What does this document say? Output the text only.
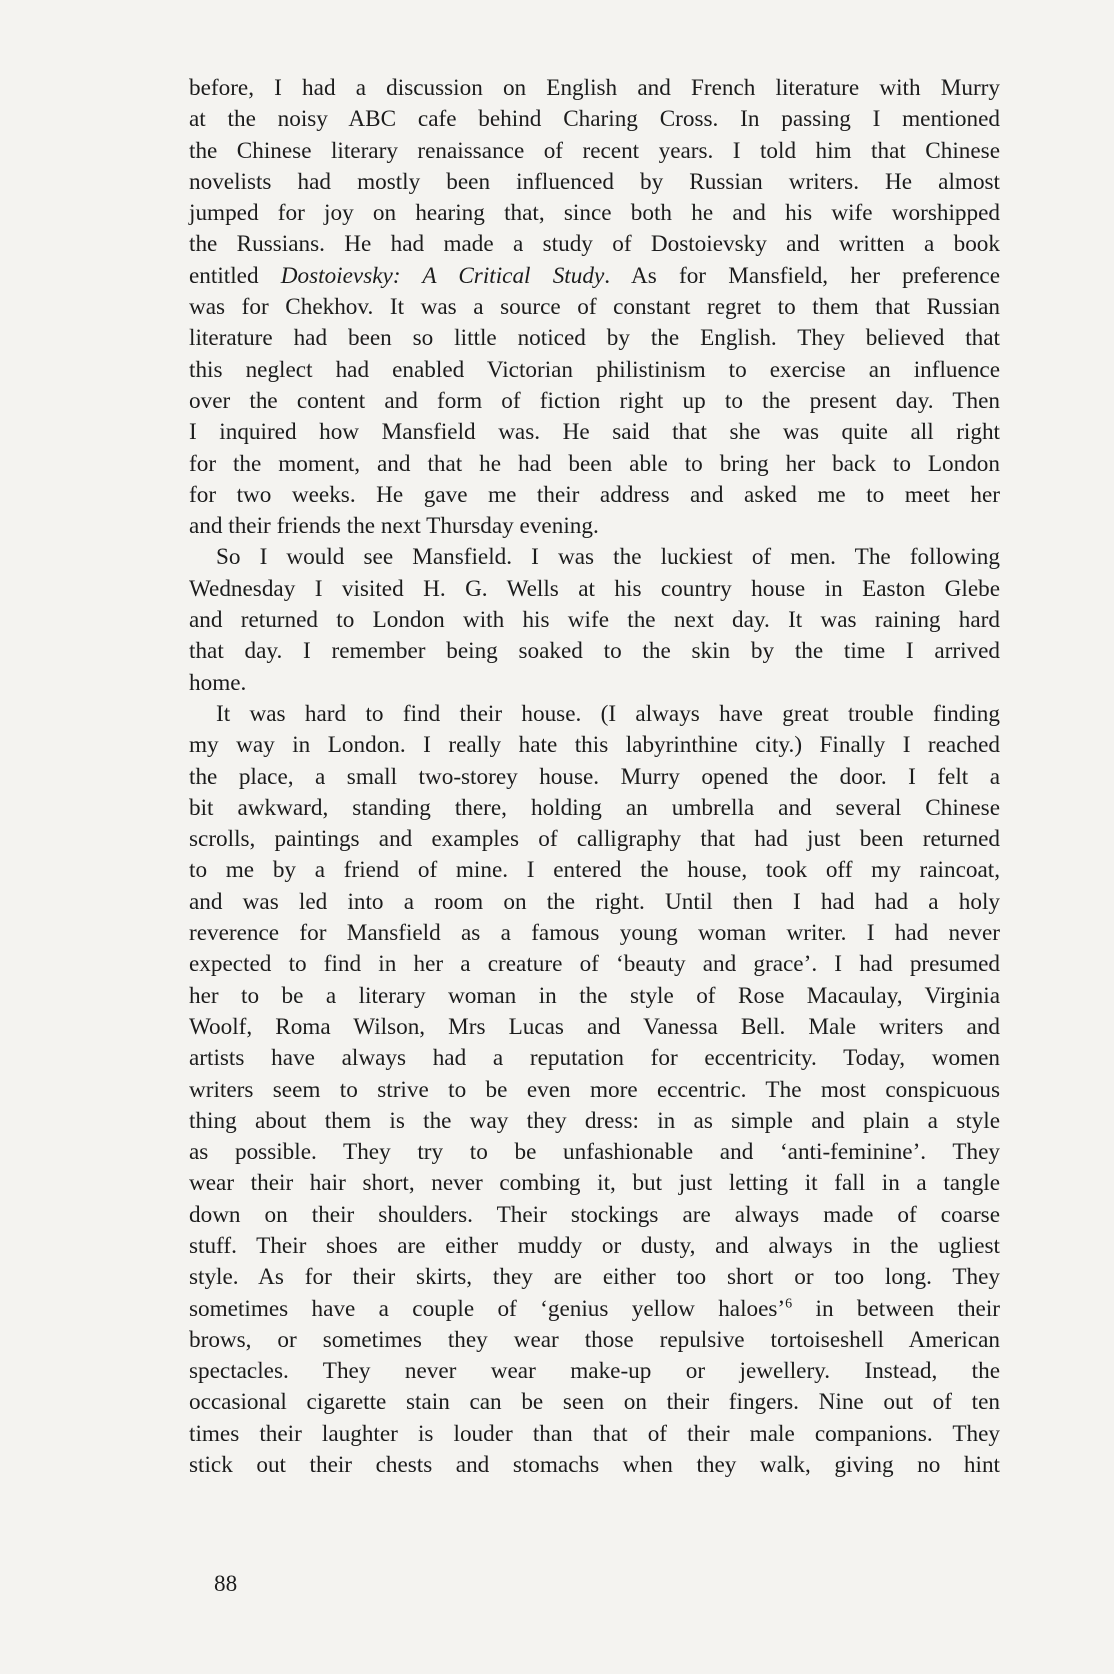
before, I had a discussion on English and French literature with Murry
at the noisy ABC cafe behind Charing Cross. In passing I mentioned
the Chinese literary renaissance of recent years. I told him that Chinese
novelists had mostly been influenced by Russian writers. He almost
jumped for joy on hearing that, since both he and his wife worshipped
the Russians. He had made a study of Dostoievsky and written a book
entitled Dostoievsky: A Critical Study. As for Mansfield, her preference
was for Chekhov. It was a source of constant regret to them that Russian
literature had been so little noticed by the English. They believed that
this neglect had enabled Victorian philistinism to exercise an influence
over the content and form of fiction right up to the present day. Then
I inquired how Mansfield was. He said that she was quite all right
for the moment, and that he had been able to bring her back to London
for two weeks. He gave me their address and asked me to meet her
and their friends the next Thursday evening.
So I would see Mansfield. I was the luckiest of men. The following
Wednesday I visited H. G. Wells at his country house in Easton Glebe
and returned to London with his wife the next day. It was raining hard
that day. I remember being soaked to the skin by the time I arrived
home.
It was hard to find their house. (I always have great trouble finding
my way in London. I really hate this labyrinthine city.) Finally I reached
the place, a small two-storey house. Murry opened the door. I felt a
bit awkward, standing there, holding an umbrella and several Chinese
scrolls, paintings and examples of calligraphy that had just been returned
to me by a friend of mine. I entered the house, took off my raincoat,
and was led into a room on the right. Until then I had had a holy
reverence for Mansfield as a famous young woman writer. I had never
expected to find in her a creature of ‘beauty and grace’. I had presumed
her to be a literary woman in the style of Rose Macaulay, Virginia
Woolf, Roma Wilson, Mrs Lucas and Vanessa Bell. Male writers and
artists have always had a reputation for eccentricity. Today, women
writers seem to strive to be even more eccentric. The most conspicuous
thing about them is the way they dress: in as simple and plain a style
as possible. They try to be unfashionable and ‘anti-feminine’. They
wear their hair short, never combing it, but just letting it fall in a tangle
down on their shoulders. Their stockings are always made of coarse
stuff. Their shoes are either muddy or dusty, and always in the ugliest
style. As for their skirts, they are either too short or too long. They
sometimes have a couple of ‘genius yellow haloes’$^6$ in between their
brows, or sometimes they wear those repulsive tortoiseshell American
spectacles. They never wear make-up or jewellery. Instead, the
occasional cigarette stain can be seen on their fingers. Nine out of ten
times their laughter is louder than that of their male companions. They
stick out their chests and stomachs when they walk, giving no hint
88
